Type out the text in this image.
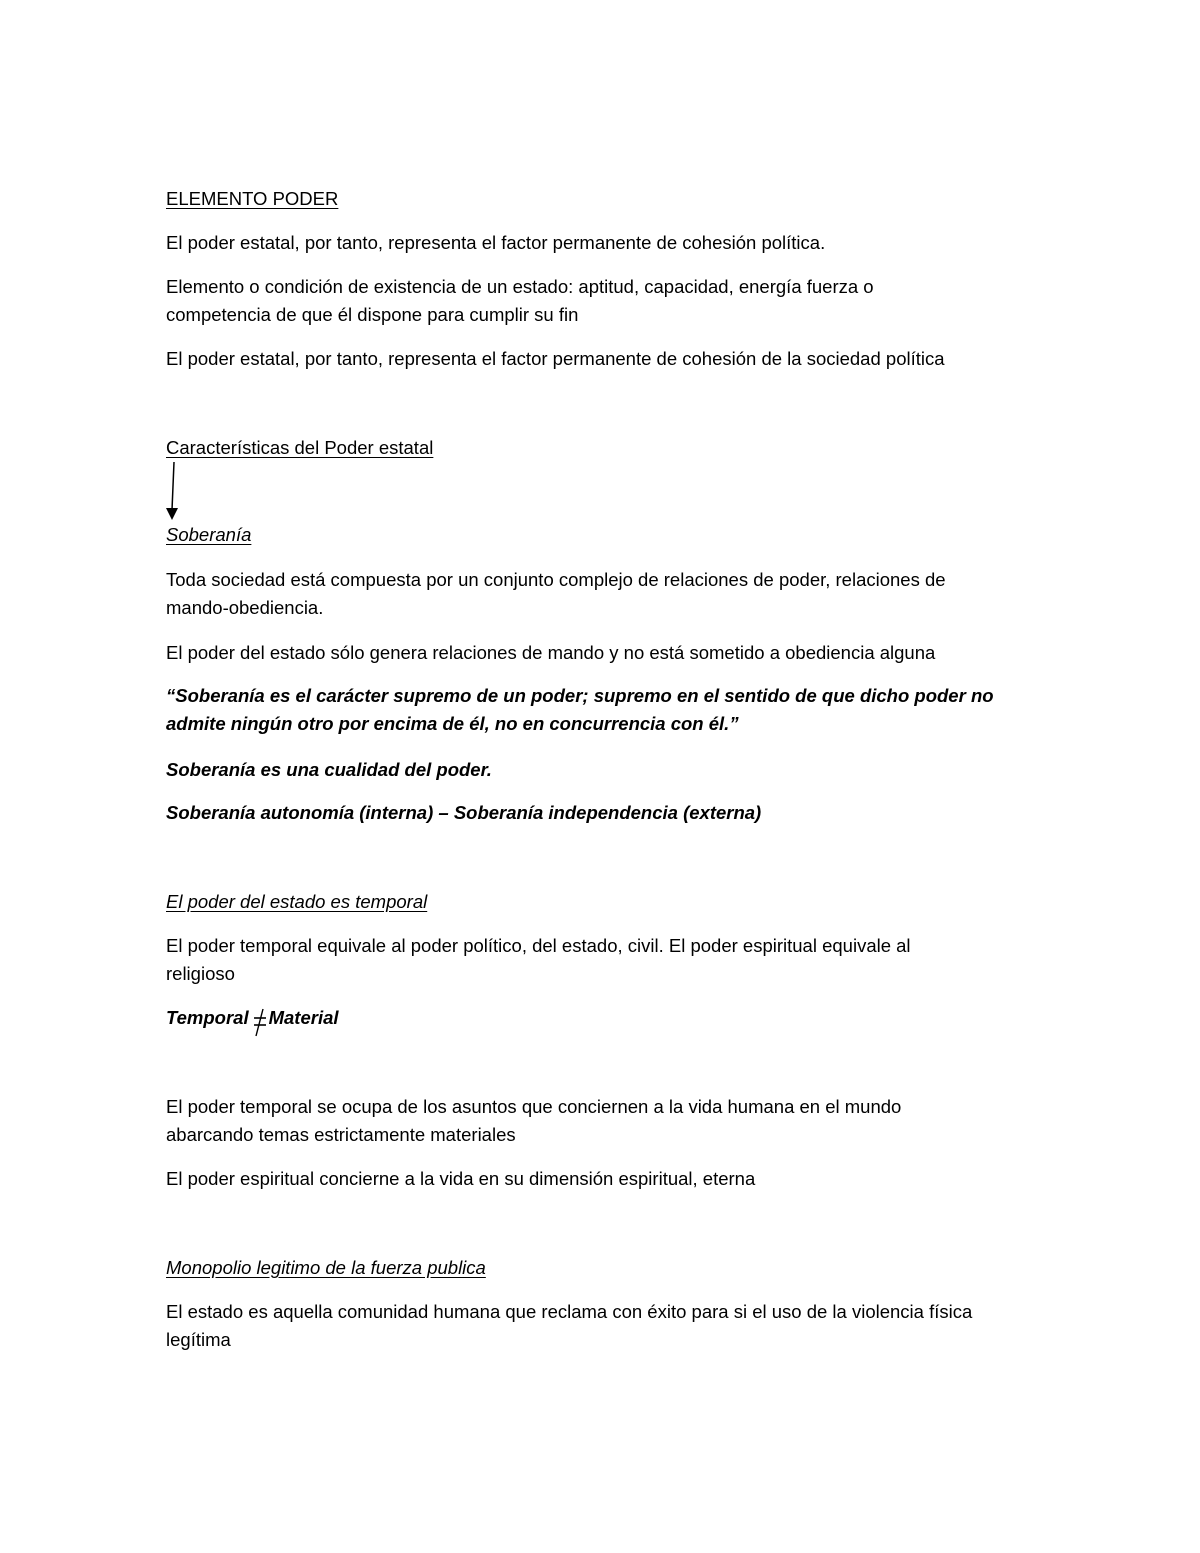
ELEMENTO PODER
El poder estatal, por tanto, representa el factor permanente de cohesión política.
Elemento o condición de existencia de un estado: aptitud, capacidad, energía fuerza o competencia de que él dispone para cumplir su fin
El poder estatal, por tanto, representa el factor permanente de cohesión de la sociedad política
Características del Poder estatal
Soberanía
Toda sociedad está compuesta por un conjunto complejo de relaciones de poder, relaciones de mando-obediencia.
El poder del estado sólo genera relaciones de mando y no está sometido a obediencia alguna
“Soberanía es el carácter supremo de un poder; supremo en el sentido de que dicho poder no admite ningún otro por encima de él, no en concurrencia con él.”
Soberanía es una cualidad del poder.
Soberanía autonomía (interna) – Soberanía independencia (externa)
El poder del estado es temporal
El poder temporal equivale al poder político, del estado, civil. El poder espiritual equivale al religioso
Temporal Material
El poder temporal se ocupa de los asuntos que conciernen a la vida humana en el mundo abarcando temas estrictamente materiales
El poder espiritual concierne a la vida en su dimensión espiritual, eterna
Monopolio legitimo de la fuerza publica
El estado es aquella comunidad humana que reclama con éxito para si el uso de la violencia física legítima
